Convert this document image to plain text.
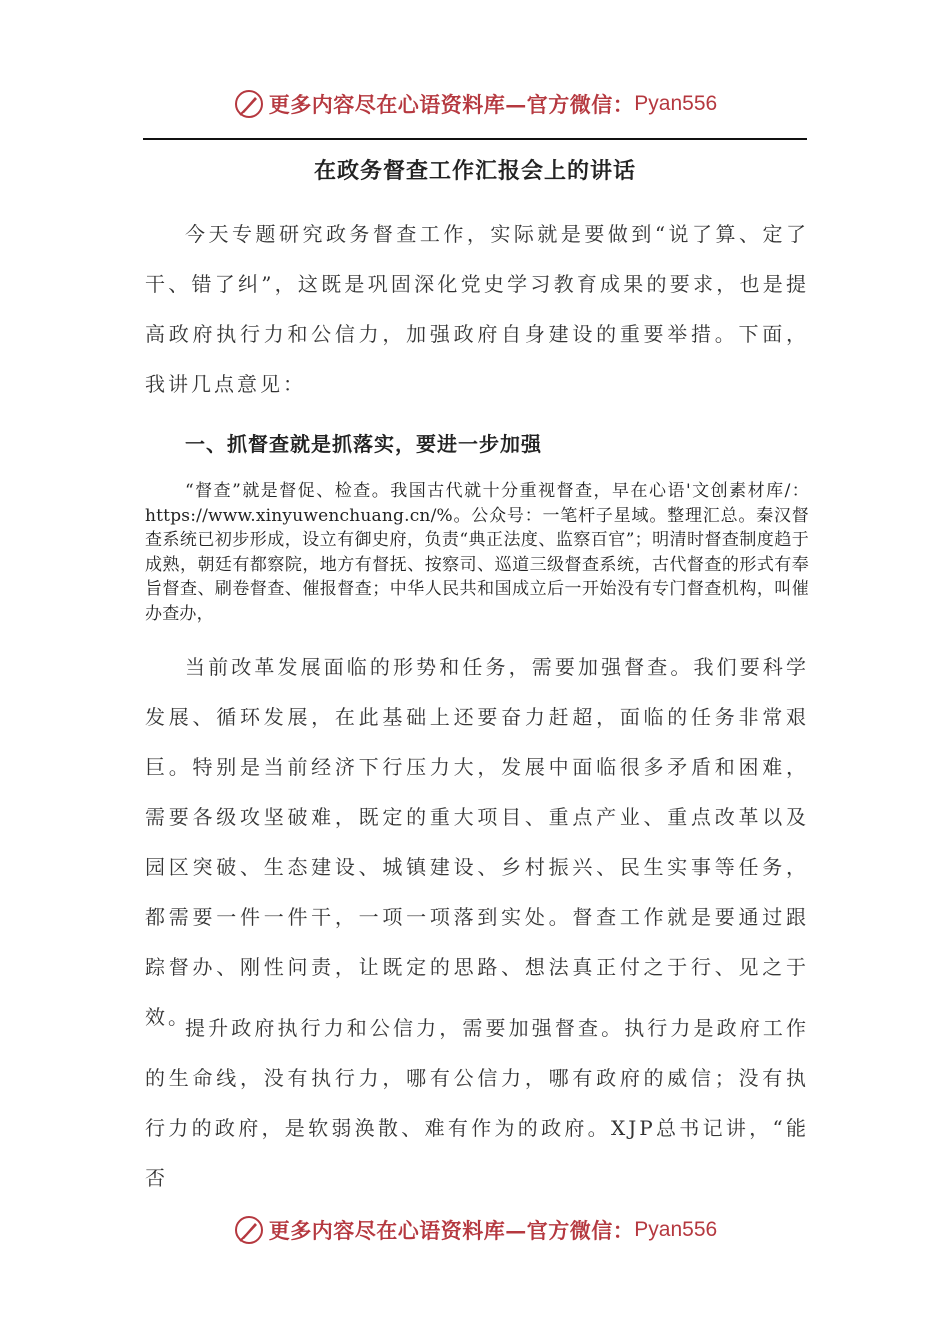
更多内容尽在心语资料库—官方微信： Pyan556
在政务督查工作汇报会上的讲话

今天专题研究政务督查工作，实际就是要做到“说了算、定了干、错了纠”，这既是巩固深化党史学习教育成果的要求，也是提高政府执行力和公信力，加强政府自身建设的重要举措。下面，我讲几点意见：

一、抓督查就是抓落实，要进一步加强

“督查”就是督促、检查。我国古代就十分重视督查，早在心语'文创素材库/：https://www.xinyuwenchuang.cn/%。公众号：一笔杆子星域。整理汇总。秦汉督查系统已初步形成，设立有御史府，负责“典正法度、监察百官”；明清时督查制度趋于成熟，朝廷有都察院，地方有督抚、按察司、巡道三级督查系统，古代督查的形式有奉旨督查、刷卷督查、催报督查；中华人民共和国成立后一开始没有专门督查机构，叫催办查办，

当前改革发展面临的形势和任务，需要加强督查。我们要科学发展、循环发展，在此基础上还要奋力赶超，面临的任务非常艰巨。特别是当前经济下行压力大，发展中面临很多矛盾和困难，需要各级攻坚破难，既定的重大项目、重点产业、重点改革以及园区突破、生态建设、城镇建设、乡村振兴、民生实事等任务，都需要一件一件干，一项一项落到实处。督查工作就是要通过跟踪督办、刚性问责，让既定的思路、想法真正付之于行、见之于效。

提升政府执行力和公信力，需要加强督查。执行力是政府工作的生命线，没有执行力，哪有公信力，哪有政府的威信；没有执行力的政府，是软弱涣散、难有作为的政府。XJP总书记讲，“能否

更多内容尽在心语资料库—官方微信： Pyan556
